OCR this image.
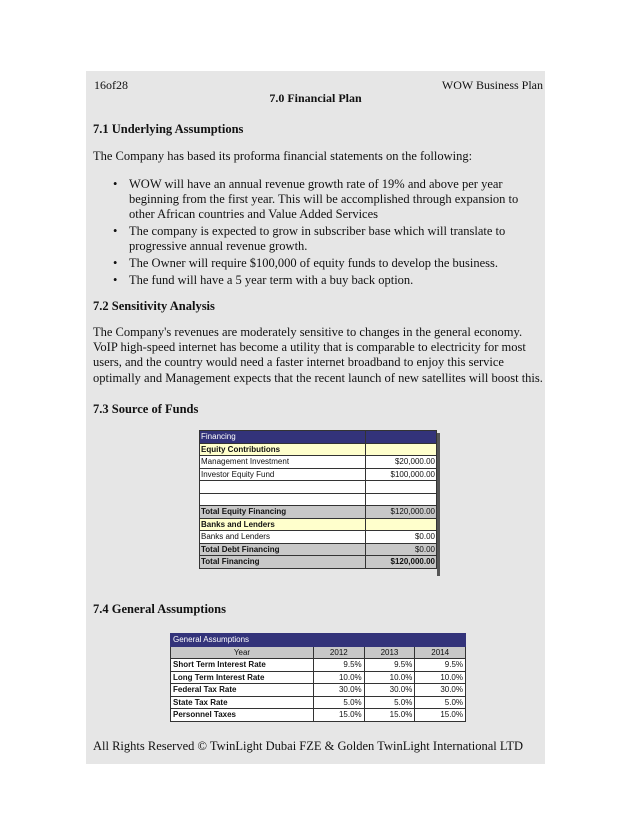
16of28	WOW Business Plan
7.0 Financial Plan
7.1 Underlying Assumptions
The Company has based its proforma financial statements on the following:
• WOW will have an annual revenue growth rate of 19% and above per year beginning from the first year. This will be accomplished through expansion to other African countries and Value Added Services
• The company is expected to grow in subscriber base which will translate to progressive annual revenue growth.
• The Owner will require $100,000 of equity funds to develop the business.
• The fund will have a 5 year term with a buy back option.
7.2 Sensitivity Analysis
The Company's revenues are moderately sensitive to changes in the general economy. VoIP high-speed internet has become a utility that is comparable to electricity for most users, and the country would need a faster internet broadband to enjoy this service optimally and Management expects that the recent launch of new satellites will boost this.
7.3 Source of Funds
Financing	
Equity Contributions	
Management Investment	$20,000.00
Investor Equity Fund	$100,000.00

Total Equity Financing	$120,000.00
Banks and Lenders	
Banks and Lenders	$0.00
Total Debt Financing	$0.00
Total Financing	$120,000.00
7.4 General Assumptions
General Assumptions			
Year	2012	2013	2014
Short Term Interest Rate	9.5%	9.5%	9.5%
Long Term Interest Rate	10.0%	10.0%	10.0%
Federal Tax Rate	30.0%	30.0%	30.0%
State Tax Rate	5.0%	5.0%	5.0%
Personnel Taxes	15.0%	15.0%	15.0%
All Rights Reserved © TwinLight Dubai FZE & Golden TwinLight International LTD
